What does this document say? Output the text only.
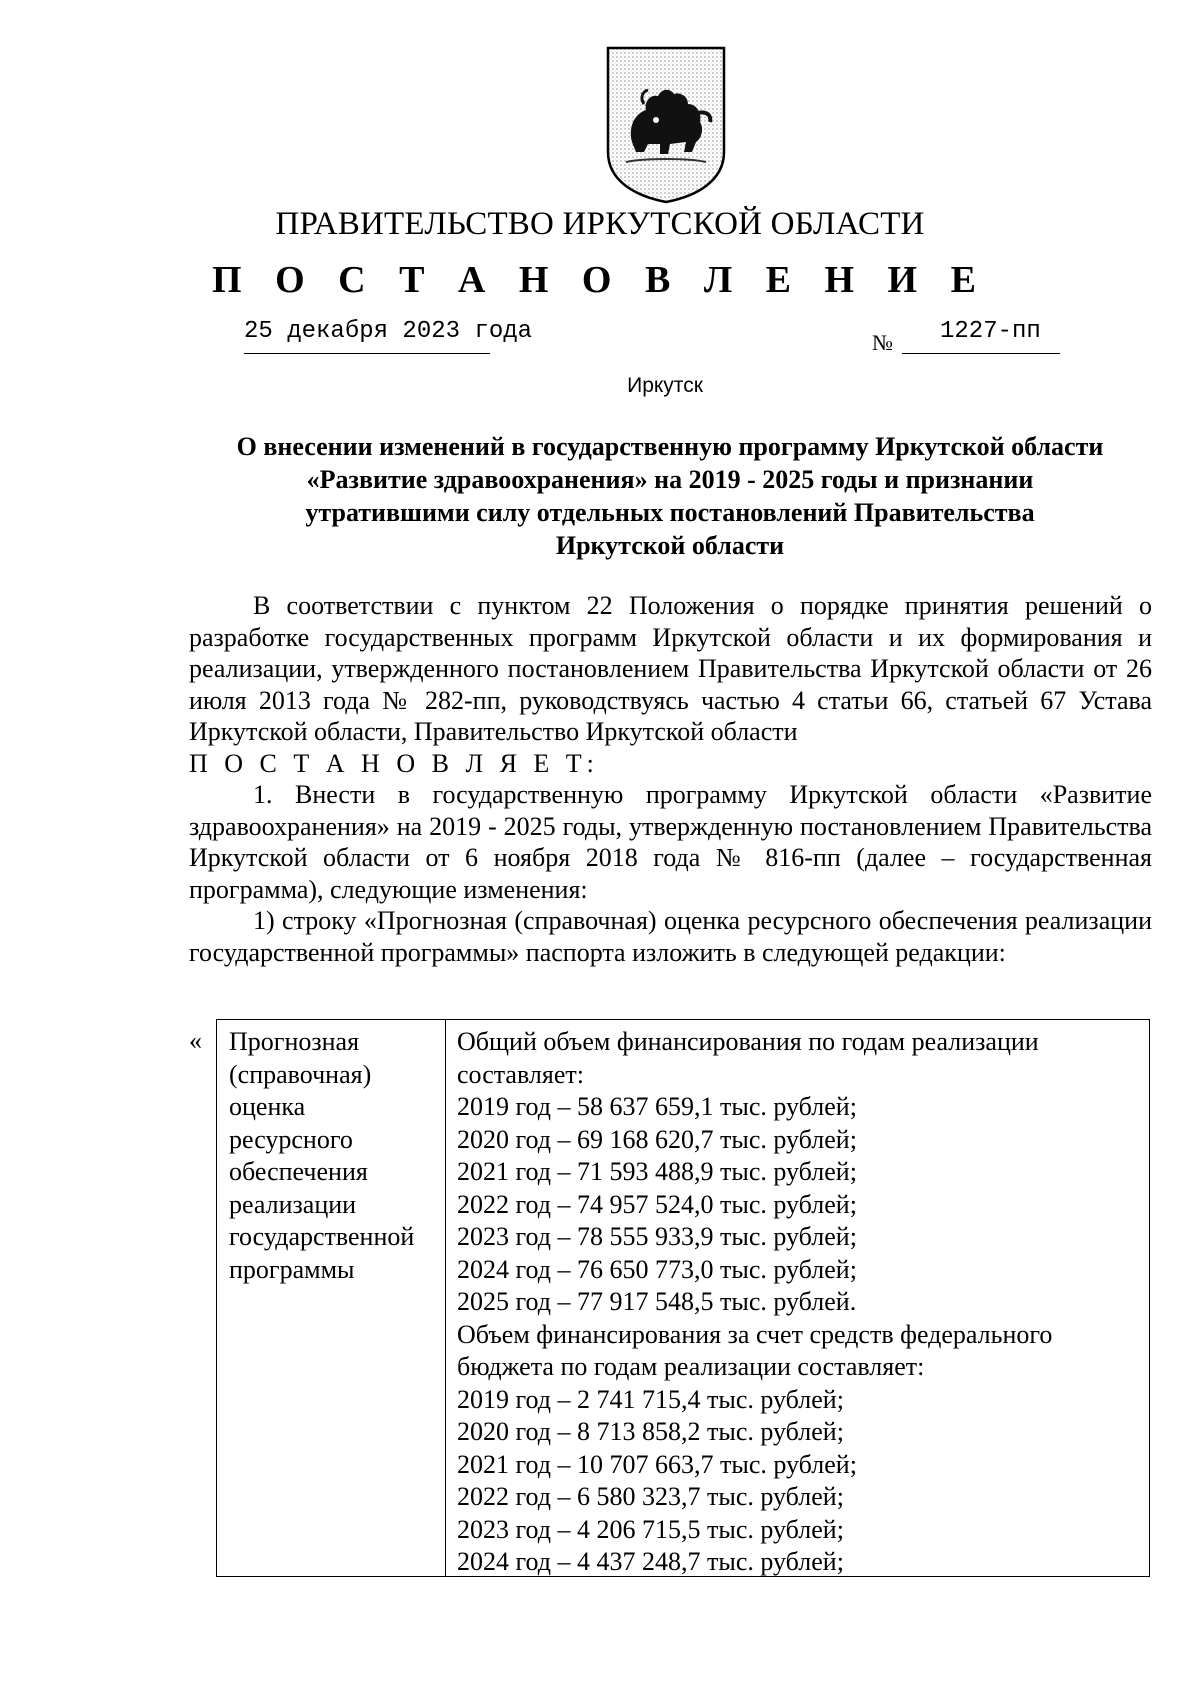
ПРАВИТЕЛЬСТВО ИРКУТСКОЙ ОБЛАСТИ
П О С Т А Н О В Л Е Н И Е
25 декабря 2023 года	№ 1227-пп
Иркутск
О внесении изменений в государственную программу Иркутской области
«Развитие здравоохранения» на 2019 - 2025 годы и признании
утратившими силу отдельных постановлений Правительства
Иркутской области

В соответствии с пунктом 22 Положения о порядке принятия решений о разработке государственных программ Иркутской области и их формирования и реализации, утвержденного постановлением Правительства Иркутской области от 26 июля 2013 года № 282-пп, руководствуясь частью 4 статьи 66, статьей 67 Устава Иркутской области, Правительство Иркутской области

П О С Т А Н О В Л Я Е Т:

1. Внести в государственную программу Иркутской области «Развитие здравоохранения» на 2019 - 2025 годы, утвержденную постановлением Правительства Иркутской области от 6 ноября 2018 года № 816-пп (далее – государственная программа), следующие изменения:

1) строку «Прогнозная (справочная) оценка ресурсного обеспечения реализации государственной программы» паспорта изложить в следующей редакции:

« Прогнозная
(справочная)
оценка
ресурсного
обеспечения
реализации
государственной
программы
Общий объем финансирования по годам реализации
составляет:
2019 год – 58 637 659,1 тыс. рублей;
2020 год – 69 168 620,7 тыс. рублей;
2021 год – 71 593 488,9 тыс. рублей;
2022 год – 74 957 524,0 тыс. рублей;
2023 год – 78 555 933,9 тыс. рублей;
2024 год – 76 650 773,0 тыс. рублей;
2025 год – 77 917 548,5 тыс. рублей.
Объем финансирования за счет средств федерального
бюджета по годам реализации составляет:
2019 год – 2 741 715,4 тыс. рублей;
2020 год – 8 713 858,2 тыс. рублей;
2021 год – 10 707 663,7 тыс. рублей;
2022 год – 6 580 323,7 тыс. рублей;
2023 год – 4 206 715,5 тыс. рублей;
2024 год – 4 437 248,7 тыс. рублей;
